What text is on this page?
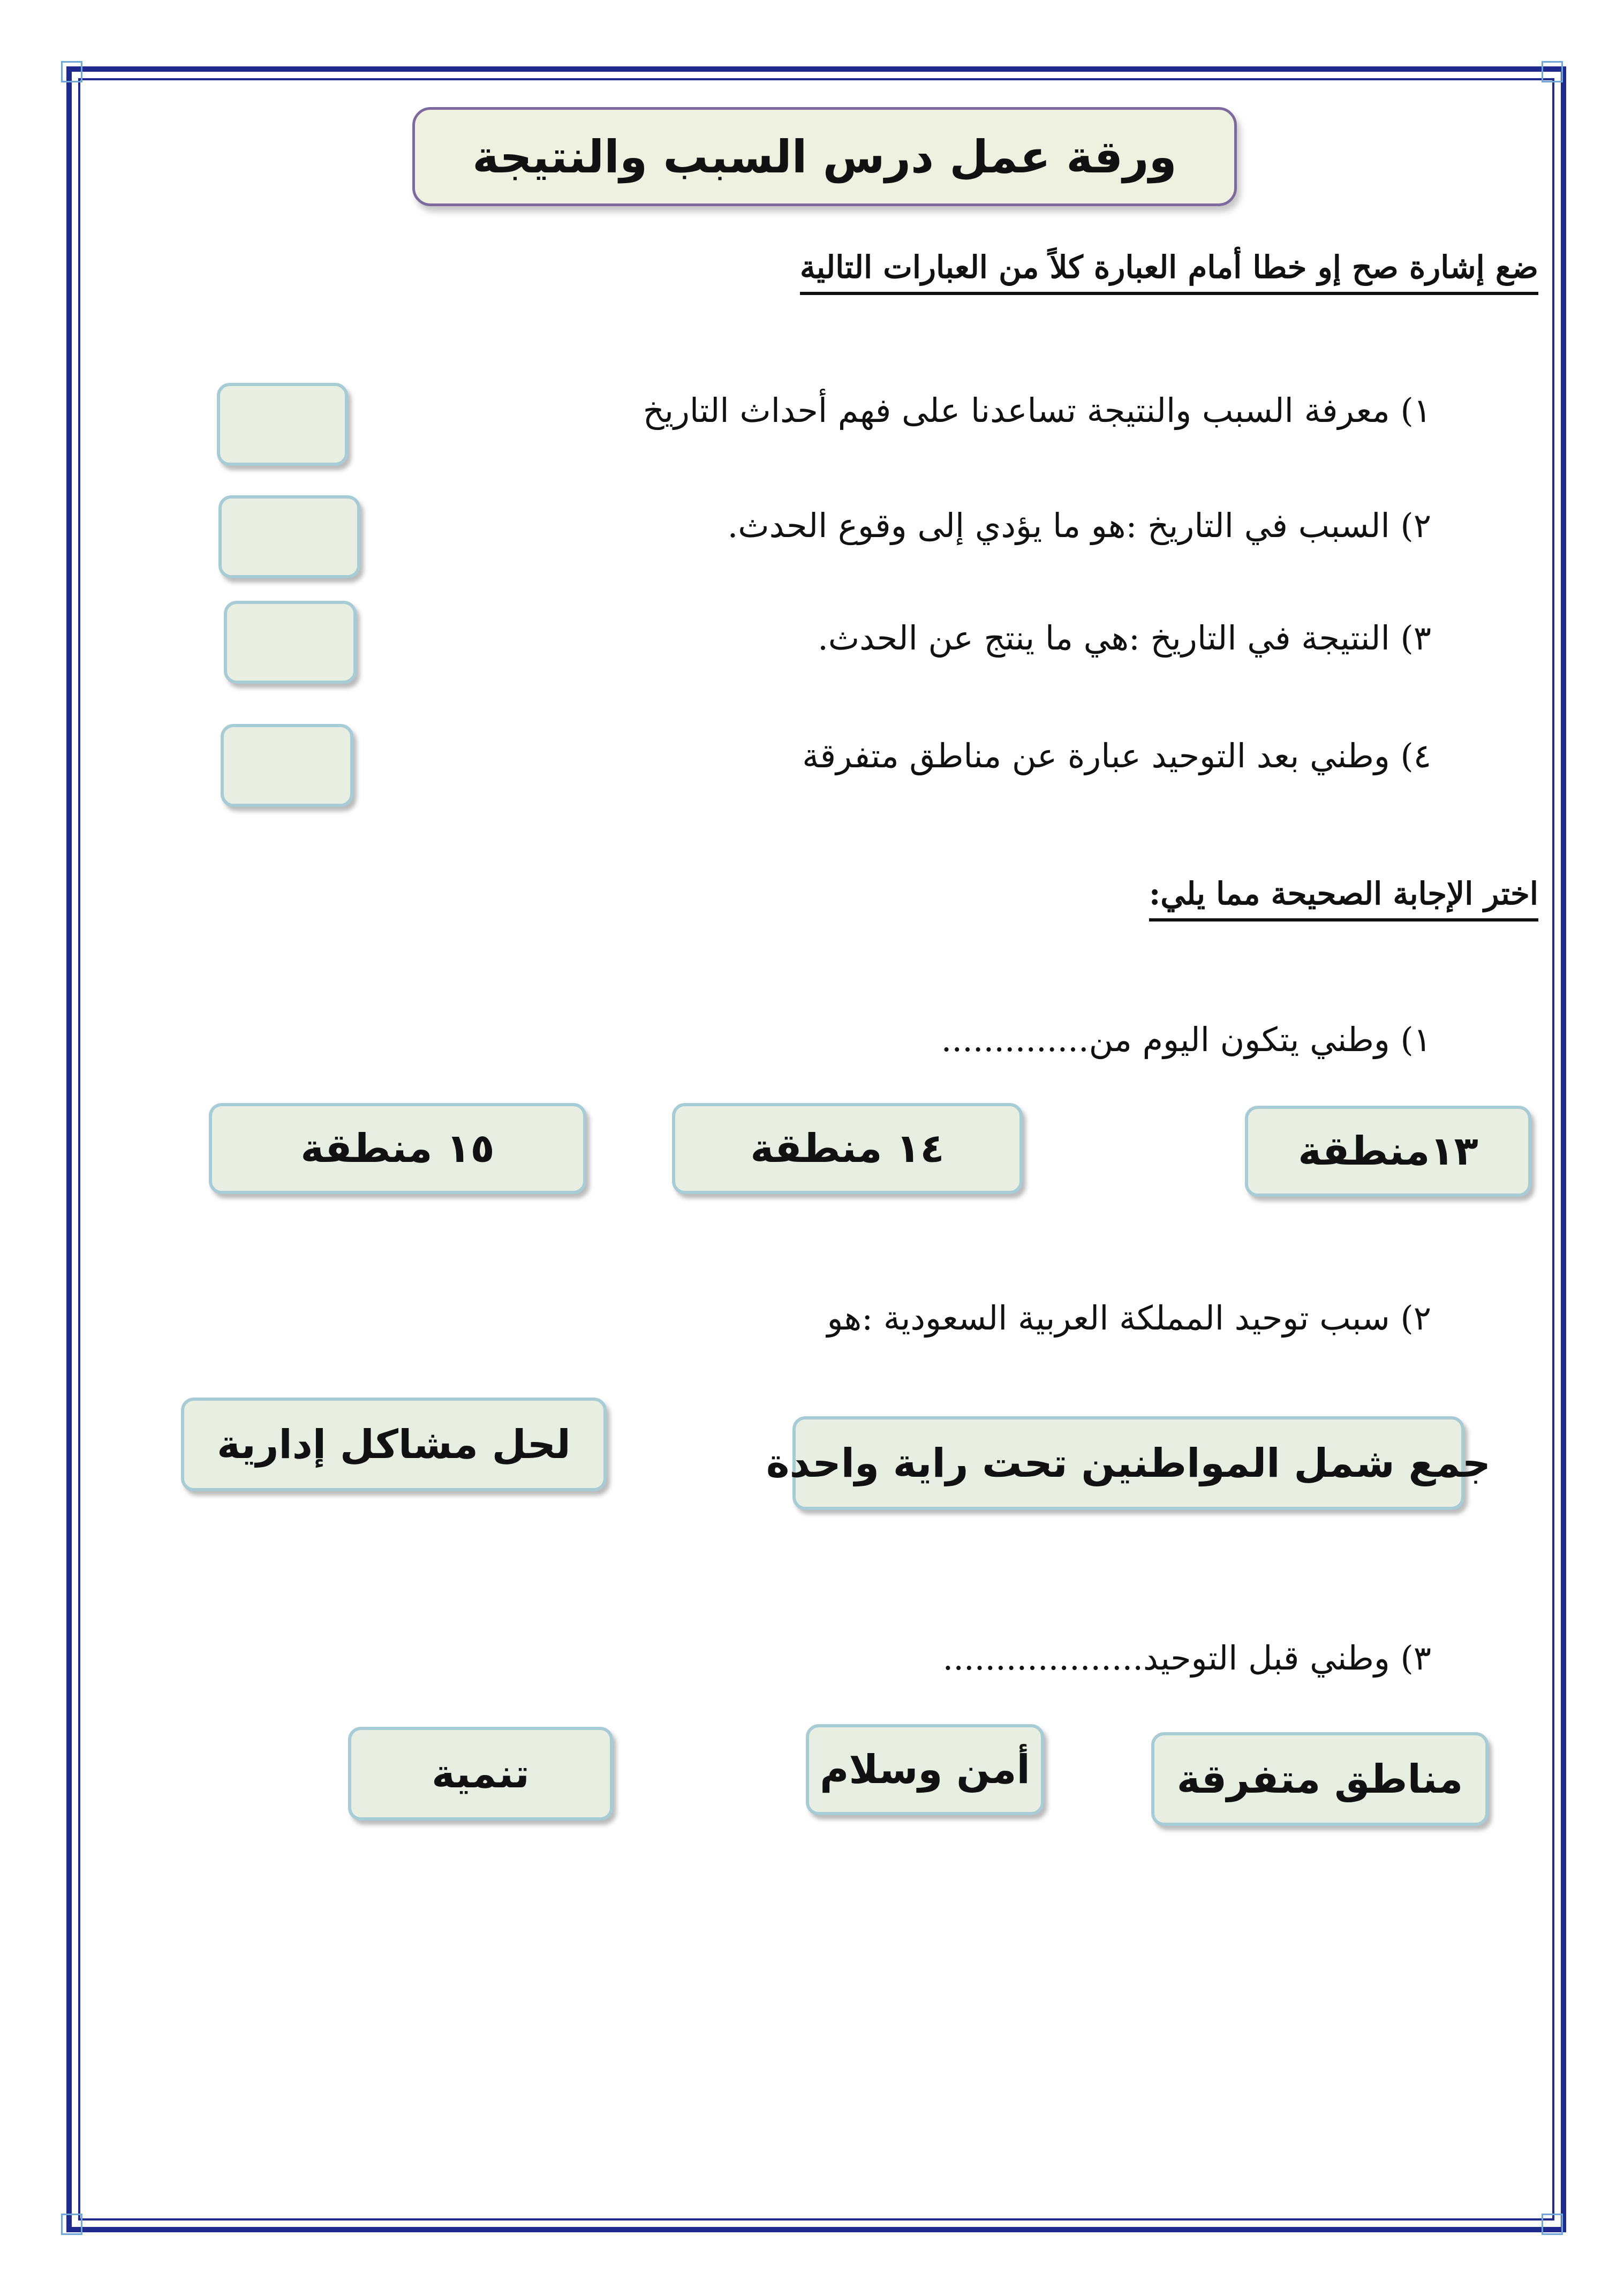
ورقة عمل درس السبب والنتيجة
ضع إشارة صح إو خطا أمام العبارة كلاً من العبارات التالية
١) معرفة السبب والنتيجة تساعدنا على فهم أحداث التاريخ
٢) السبب في التاريخ :هو ما يؤدي إلى وقوع الحدث.
٣) النتيجة في التاريخ :هي ما ينتج عن الحدث.
٤) وطني بعد التوحيد عبارة عن مناطق متفرقة
اختر الإجابة الصحيحة مما يلي:
١) وطني يتكون اليوم من..............
١٣منطقة
١٤ منطقة
١٥ منطقة
٢) سبب توحيد المملكة العربية السعودية :هو
جمع شمل المواطنين تحت راية واحدة
لحل مشاكل إدارية
٣) وطني قبل التوحيد...................
مناطق متفرقة
أمن وسلام
تنمية
